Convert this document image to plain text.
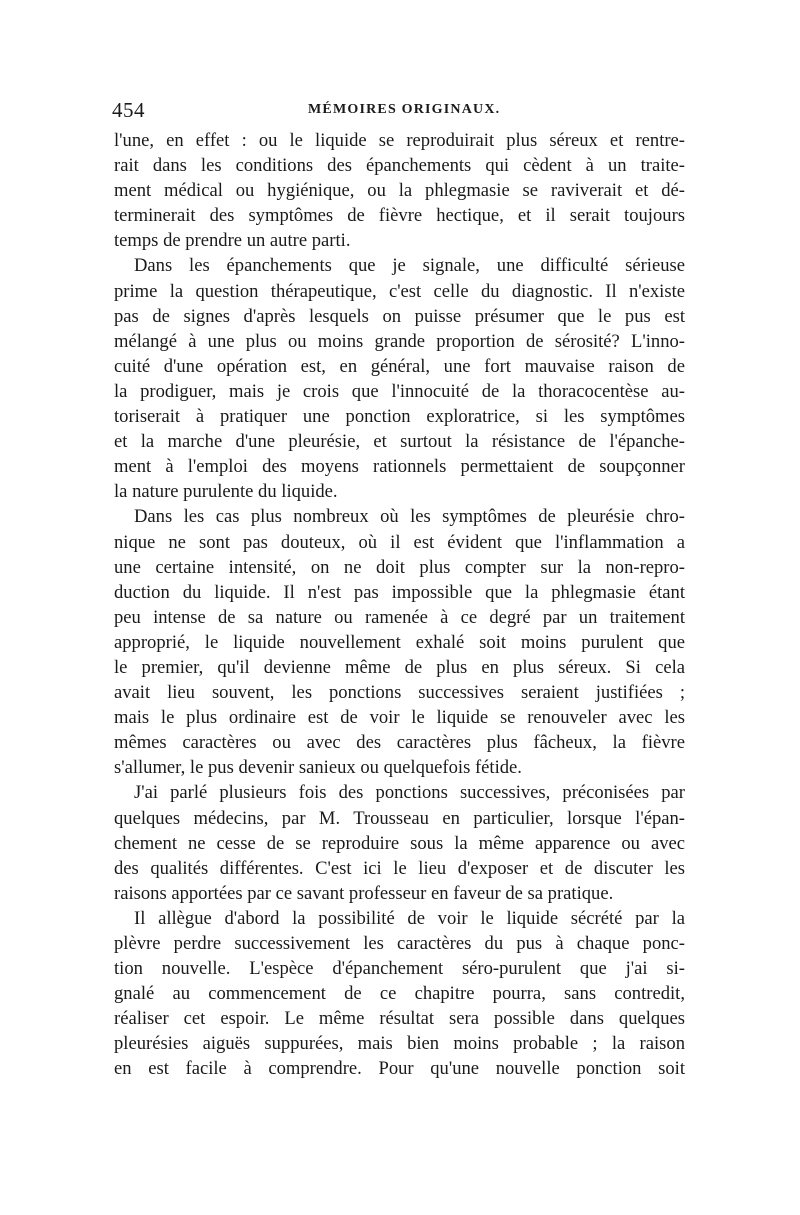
454	MÉMOIRES ORIGINAUX.
l'une, en effet : ou le liquide se reproduirait plus séreux et rentre-
rait dans les conditions des épanchements qui cèdent à un traite-
ment médical ou hygiénique, ou la phlegmasie se raviverait et dé-
terminerait des symptômes de fièvre hectique, et il serait toujours
temps de prendre un autre parti.
Dans les épanchements que je signale, une difficulté sérieuse
prime la question thérapeutique, c'est celle du diagnostic. Il n'existe
pas de signes d'après lesquels on puisse présumer que le pus est
mélangé à une plus ou moins grande proportion de sérosité? L'inno-
cuité d'une opération est, en général, une fort mauvaise raison de
la prodiguer, mais je crois que l'innocuité de la thoracocentèse au-
toriserait à pratiquer une ponction exploratrice, si les symptômes
et la marche d'une pleurésie, et surtout la résistance de l'épanche-
ment à l'emploi des moyens rationnels permettaient de soupçonner
la nature purulente du liquide.
Dans les cas plus nombreux où les symptômes de pleurésie chro-
nique ne sont pas douteux, où il est évident que l'inflammation a
une certaine intensité, on ne doit plus compter sur la non-repro-
duction du liquide. Il n'est pas impossible que la phlegmasie étant
peu intense de sa nature ou ramenée à ce degré par un traitement
approprié, le liquide nouvellement exhalé soit moins purulent que
le premier, qu'il devienne même de plus en plus séreux. Si cela
avait lieu souvent, les ponctions successives seraient justifiées ;
mais le plus ordinaire est de voir le liquide se renouveler avec les
mêmes caractères ou avec des caractères plus fâcheux, la fièvre
s'allumer, le pus devenir sanieux ou quelquefois fétide.
J'ai parlé plusieurs fois des ponctions successives, préconisées par
quelques médecins, par M. Trousseau en particulier, lorsque l'épan-
chement ne cesse de se reproduire sous la même apparence ou avec
des qualités différentes. C'est ici le lieu d'exposer et de discuter les
raisons apportées par ce savant professeur en faveur de sa pratique.
Il allègue d'abord la possibilité de voir le liquide sécrété par la
plèvre perdre successivement les caractères du pus à chaque ponc-
tion nouvelle. L'espèce d'épanchement séro-purulent que j'ai si-
gnalé au commencement de ce chapitre pourra, sans contredit,
réaliser cet espoir. Le même résultat sera possible dans quelques
pleurésies aiguës suppurées, mais bien moins probable ; la raison
en est facile à comprendre. Pour qu'une nouvelle ponction soit
